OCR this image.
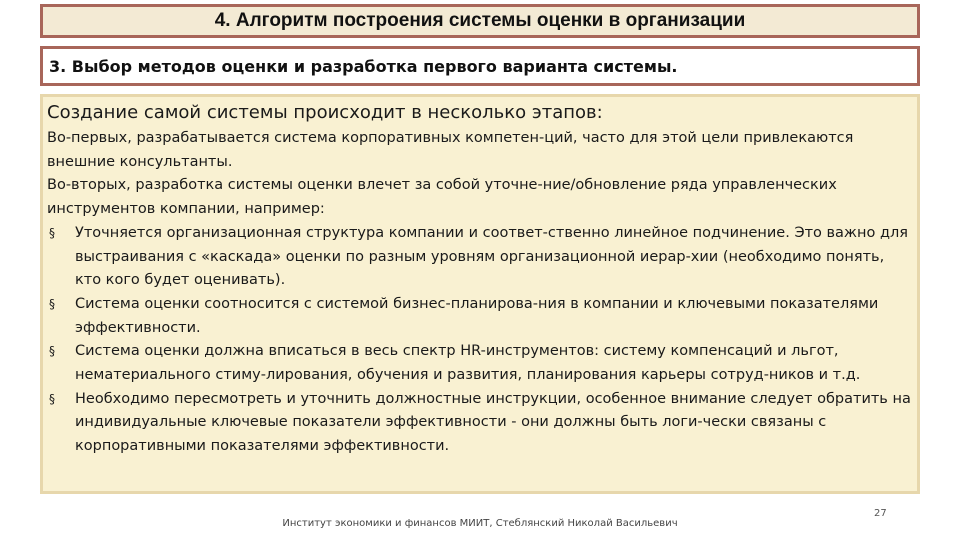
4. Алгоритм построения системы оценки в организации
3. Выбор методов оценки и разработка первого варианта системы.

Создание самой системы происходит в несколько этапов:

Во-первых, разрабатывается система корпоративных компетен-ций, часто для этой цели привлекаются внешние консультанты.

Во-вторых, разработка системы оценки влечет за собой уточне-ние/обновление ряда управленческих инструментов компании, например:

§ Уточняется организационная структура компании и соответ-ственно линейное подчинение. Это важно для выстраивания с «каскада» оценки по разным уровням организационной иерар-хии (необходимо понять, кто кого будет оценивать).
§ Система оценки соотносится с системой бизнес-планирова-ния в компании и ключевыми показателями эффективности.
§ Система оценки должна вписаться в весь спектр HR-инструментов: систему компенсаций и льгот, нематериального стиму-лирования, обучения и развития, планирования карьеры сотруд-ников и т.д.
§ Необходимо пересмотреть и уточнить должностные инструкции, особенное внимание следует обратить на индивидуальные ключевые показатели эффективности - они должны быть логи-чески связаны с корпоративными показателями эффективности.
27
Институт экономики и финансов МИИТ, Стеблянский Николай Васильевич
